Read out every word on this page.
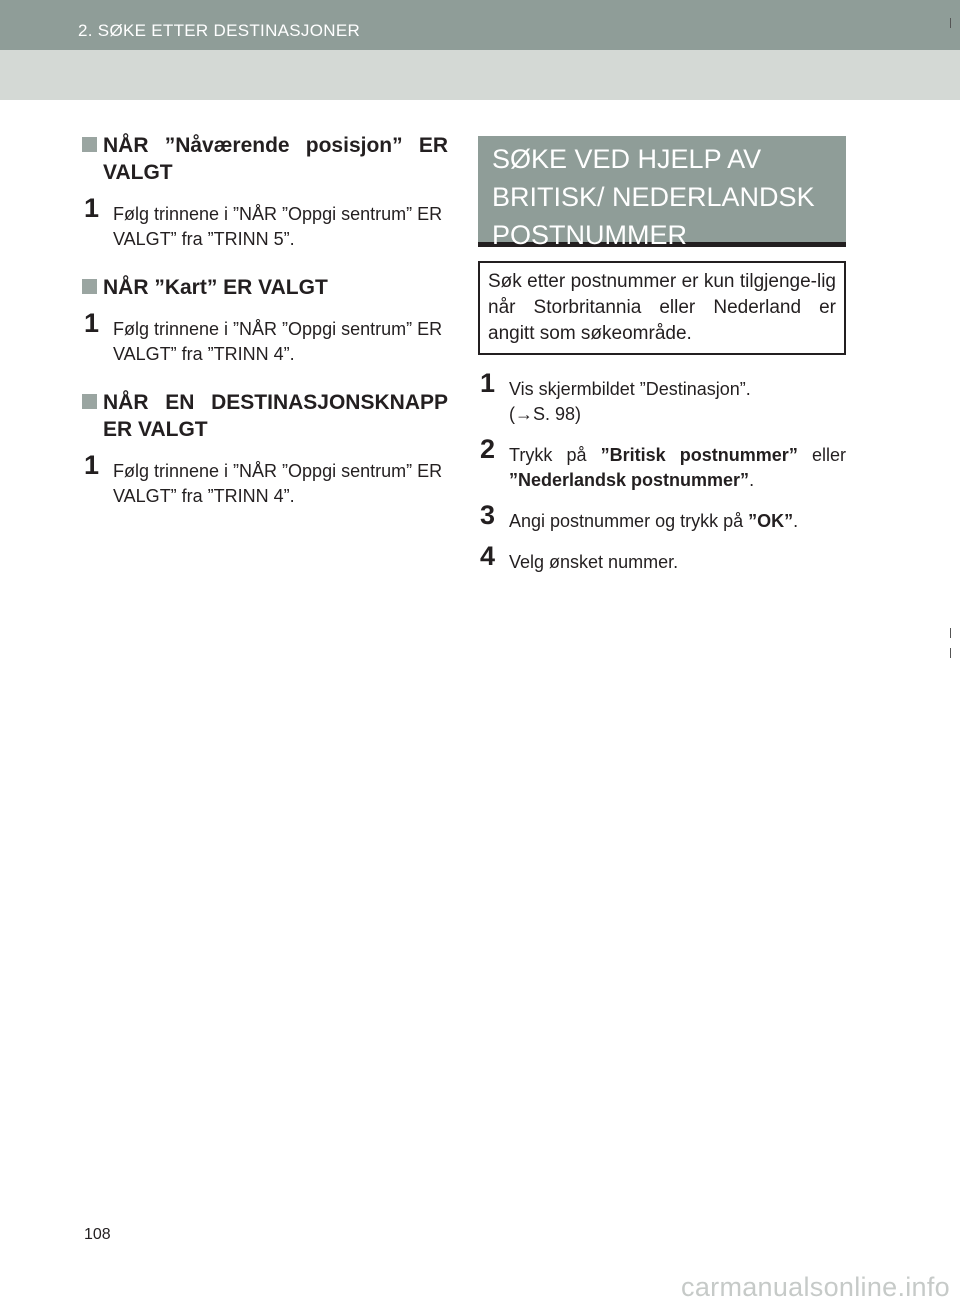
2. SØKE ETTER DESTINASJONER
NÅR ”Nåværende posisjon” ER VALGT
1 Følg trinnene i ”NÅR ”Oppgi sentrum” ER VALGT” fra ”TRINN 5”.
NÅR ”Kart” ER VALGT
1 Følg trinnene i ”NÅR ”Oppgi sentrum” ER VALGT” fra ”TRINN 4”.
NÅR EN DESTINASJONSKNAPP ER VALGT
1 Følg trinnene i ”NÅR ”Oppgi sentrum” ER VALGT” fra ”TRINN 4”.
SØKE VED HJELP AV BRITISK/ NEDERLANDSK POSTNUMMER
Søk etter postnummer er kun tilgjenge-lig når Storbritannia eller Nederland er angitt som søkeområde.
1 Vis skjermbildet ”Destinasjon”.
(→S. 98)
2 Trykk på ”Britisk postnummer” eller ”Nederlandsk postnummer”.
3 Angi postnummer og trykk på ”OK”.
4 Velg ønsket nummer.
108
carmanualsonline.info
